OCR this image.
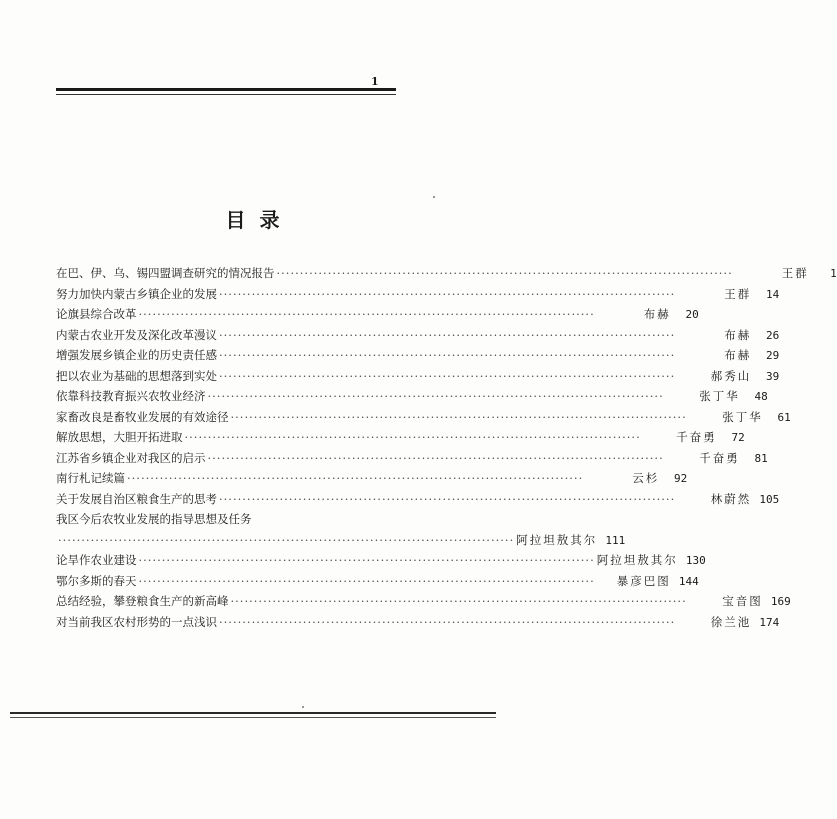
1
目录
在巴、伊、乌、锡四盟调查研究的情况报告 ·····	王群	1
努力加快内蒙古乡镇企业的发展 ·····	王群	14
论旗县综合改革 ·····	布赫	20
内蒙古农业开发及深化改革漫议 ·····	布赫	26
增强发展乡镇企业的历史责任感 ·····	布赫	29
把以农业为基础的思想落到实处 ·····	郝秀山	39
依靠科技教育振兴农牧业经济 ·····	张丁华	48
家畜改良是畜牧业发展的有效途径 ·····	张丁华	61
解放思想，大胆开拓进取 ·····	千奋勇	72
江苏省乡镇企业对我区的启示 ·····	千奋勇	81
南行札记续篇 ·····	云杉	92
关于发展自治区粮食生产的思考 ·····	林蔚然 105
我区今后农牧业发展的指导思想及任务
·····
阿拉坦敖其尔 111
论旱作农业建设 ·····	阿拉坦敖其尔 130
鄂尔多斯的春天 ·····	暴彦巴图 144
总结经验，攀登粮食生产的新高峰 ·····	宝音图 169
对当前我区农村形势的一点浅识 ·····	徐兰池 174
